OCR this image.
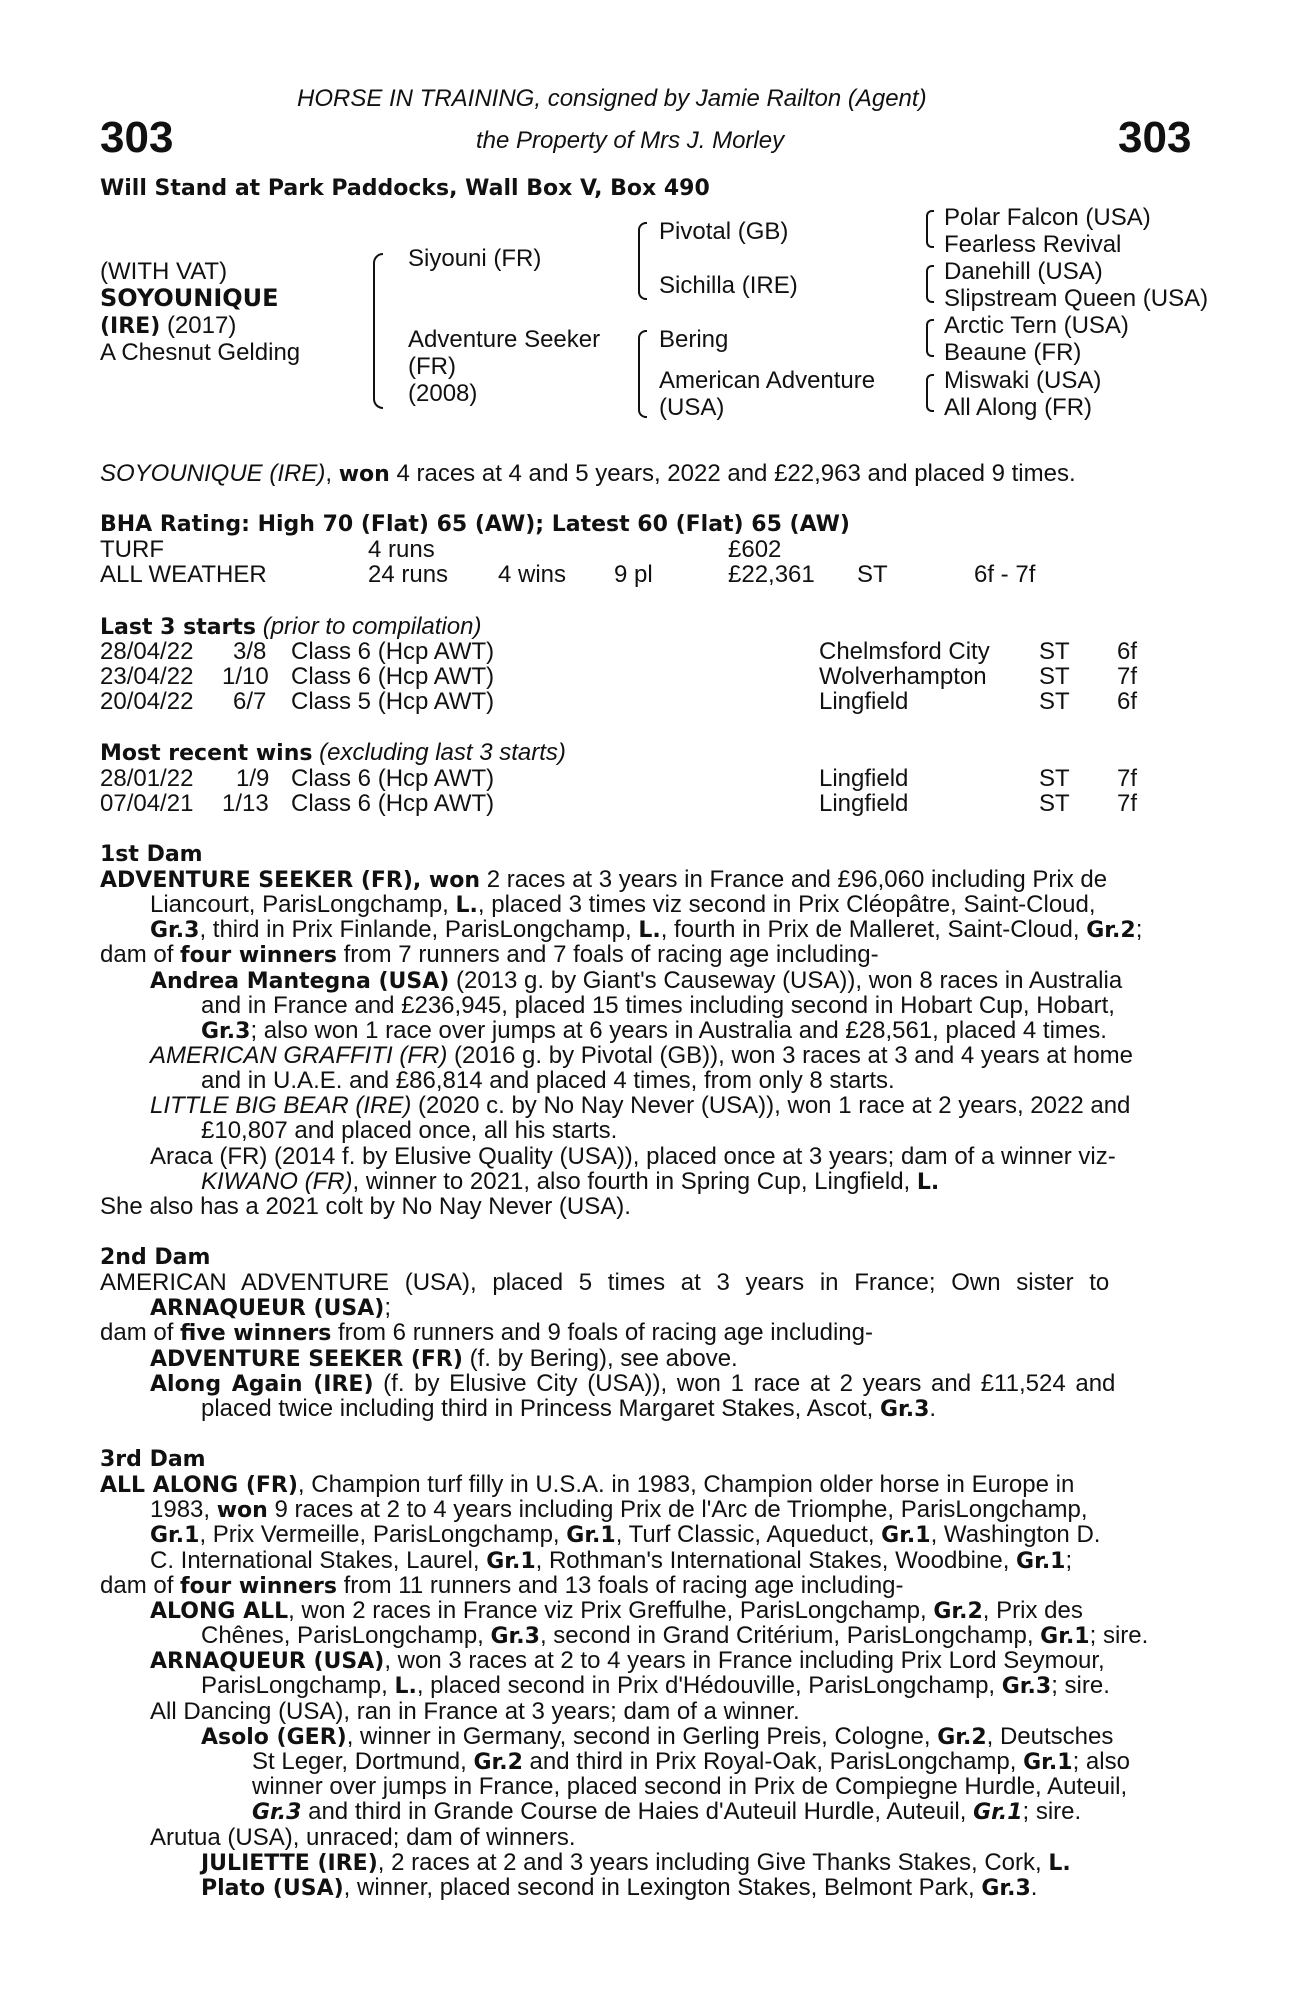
303	303
HORSE IN TRAINING, consigned by Jamie Railton (Agent)
the Property of Mrs J. Morley
Will Stand at Park Paddocks, Wall Box V, Box 490
(WITH VAT)
SOYOUNIQUE
(IRE) (2017)
A Chesnut Gelding
Siyouni (FR)
Adventure Seeker
(FR)
(2008)
Pivotal (GB)
Sichilla (IRE)
Bering
American Adventure
(USA)
Polar Falcon (USA)
Fearless Revival
Danehill (USA)
Slipstream Queen (USA)
Arctic Tern (USA)
Beaune (FR)
Miswaki (USA)
All Along (FR)
SOYOUNIQUE (IRE), won 4 races at 4 and 5 years, 2022 and £22,963 and placed 9 times.
BHA Rating: High 70 (Flat) 65 (AW); Latest 60 (Flat) 65 (AW)
TURF	4 runs	£602
ALL WEATHER	24 runs 4 wins 9 pl	£22,361 ST	6f - 7f
Last 3 starts (prior to compilation)
28/04/22 3/8 Class 6 (Hcp AWT)	Chelmsford City ST 6f
23/04/22 1/10 Class 6 (Hcp AWT)	Wolverhampton ST 7f
20/04/22 6/7 Class 5 (Hcp AWT)	Lingfield	ST 6f
Most recent wins (excluding last 3 starts)
28/01/22 1/9 Class 6 (Hcp AWT)	Lingfield	ST 7f
07/04/21 1/13 Class 6 (Hcp AWT)	Lingfield	ST 7f
1st Dam
ADVENTURE SEEKER (FR), won 2 races at 3 years in France and £96,060 including Prix de
Liancourt, ParisLongchamp, L., placed 3 times viz second in Prix Cléopâtre, Saint-Cloud,
Gr.3, third in Prix Finlande, ParisLongchamp, L., fourth in Prix de Malleret, Saint-Cloud, Gr.2;
dam of four winners from 7 runners and 7 foals of racing age including-
Andrea Mantegna (USA) (2013 g. by Giant's Causeway (USA)), won 8 races in Australia
and in France and £236,945, placed 15 times including second in Hobart Cup, Hobart,
Gr.3; also won 1 race over jumps at 6 years in Australia and £28,561, placed 4 times.
AMERICAN GRAFFITI (FR) (2016 g. by Pivotal (GB)), won 3 races at 3 and 4 years at home
and in U.A.E. and £86,814 and placed 4 times, from only 8 starts.
LITTLE BIG BEAR (IRE) (2020 c. by No Nay Never (USA)), won 1 race at 2 years, 2022 and
£10,807 and placed once, all his starts.
Araca (FR) (2014 f. by Elusive Quality (USA)), placed once at 3 years; dam of a winner viz-
KIWANO (FR), winner to 2021, also fourth in Spring Cup, Lingfield, L.
She also has a 2021 colt by No Nay Never (USA).
2nd Dam
AMERICAN ADVENTURE (USA), placed 5 times at 3 years in France; Own sister to
ARNAQUEUR (USA);
dam of five winners from 6 runners and 9 foals of racing age including-
ADVENTURE SEEKER (FR) (f. by Bering), see above.
Along Again (IRE) (f. by Elusive City (USA)), won 1 race at 2 years and £11,524 and
placed twice including third in Princess Margaret Stakes, Ascot, Gr.3.
3rd Dam
ALL ALONG (FR), Champion turf filly in U.S.A. in 1983, Champion older horse in Europe in
1983, won 9 races at 2 to 4 years including Prix de l'Arc de Triomphe, ParisLongchamp,
Gr.1, Prix Vermeille, ParisLongchamp, Gr.1, Turf Classic, Aqueduct, Gr.1, Washington D.
C. International Stakes, Laurel, Gr.1, Rothman's International Stakes, Woodbine, Gr.1;
dam of four winners from 11 runners and 13 foals of racing age including-
ALONG ALL, won 2 races in France viz Prix Greffulhe, ParisLongchamp, Gr.2, Prix des
Chênes, ParisLongchamp, Gr.3, second in Grand Critérium, ParisLongchamp, Gr.1; sire.
ARNAQUEUR (USA), won 3 races at 2 to 4 years in France including Prix Lord Seymour,
ParisLongchamp, L., placed second in Prix d'Hédouville, ParisLongchamp, Gr.3; sire.
All Dancing (USA), ran in France at 3 years; dam of a winner.
Asolo (GER), winner in Germany, second in Gerling Preis, Cologne, Gr.2, Deutsches
St Leger, Dortmund, Gr.2 and third in Prix Royal-Oak, ParisLongchamp, Gr.1; also
winner over jumps in France, placed second in Prix de Compiegne Hurdle, Auteuil,
Gr.3 and third in Grande Course de Haies d'Auteuil Hurdle, Auteuil, Gr.1; sire.
Arutua (USA), unraced; dam of winners.
JULIETTE (IRE), 2 races at 2 and 3 years including Give Thanks Stakes, Cork, L.
Plato (USA), winner, placed second in Lexington Stakes, Belmont Park, Gr.3.
